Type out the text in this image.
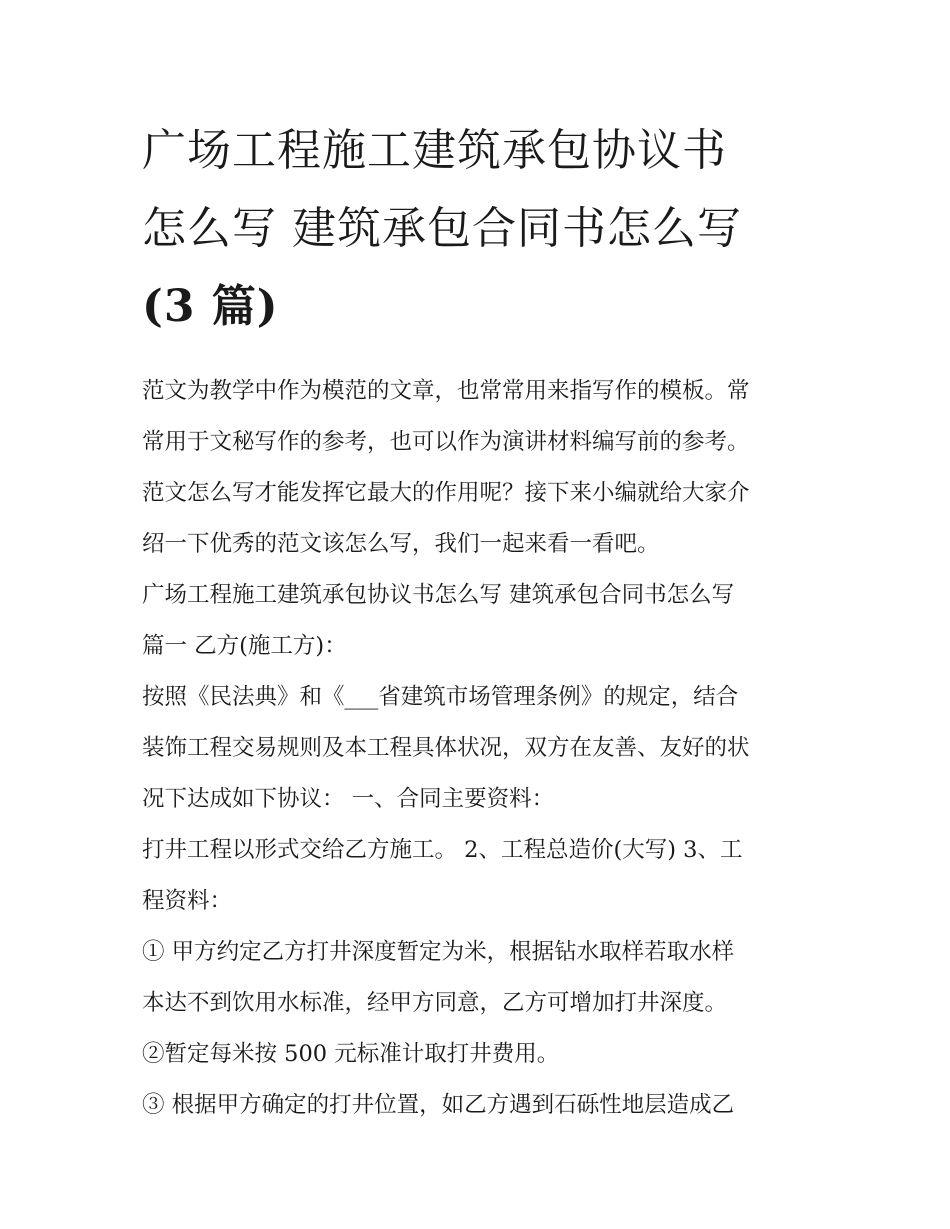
广场工程施工建筑承包协议书
怎么写 建筑承包合同书怎么写
(3 篇)
范文为教学中作为模范的文章，也常常用来指写作的模板。常
常用于文秘写作的参考，也可以作为演讲材料编写前的参考。
范文怎么写才能发挥它最大的作用呢？接下来小编就给大家介
绍一下优秀的范文该怎么写，我们一起来看一看吧。
广场工程施工建筑承包协议书怎么写 建筑承包合同书怎么写
篇一 乙方(施工方)：
按照《民法典》和《___省建筑市场管理条例》的规定，结合
装饰工程交易规则及本工程具体状况，双方在友善、友好的状
况下达成如下协议： 一、合同主要资料：
打井工程以形式交给乙方施工。 2、工程总造价(大写) 3、工
程资料：
① 甲方约定乙方打井深度暂定为米，根据钻水取样若取水样
本达不到饮用水标准，经甲方同意，乙方可增加打井深度。
②暂定每米按 500 元标准计取打井费用。
③ 根据甲方确定的打井位置，如乙方遇到石砾性地层造成乙
